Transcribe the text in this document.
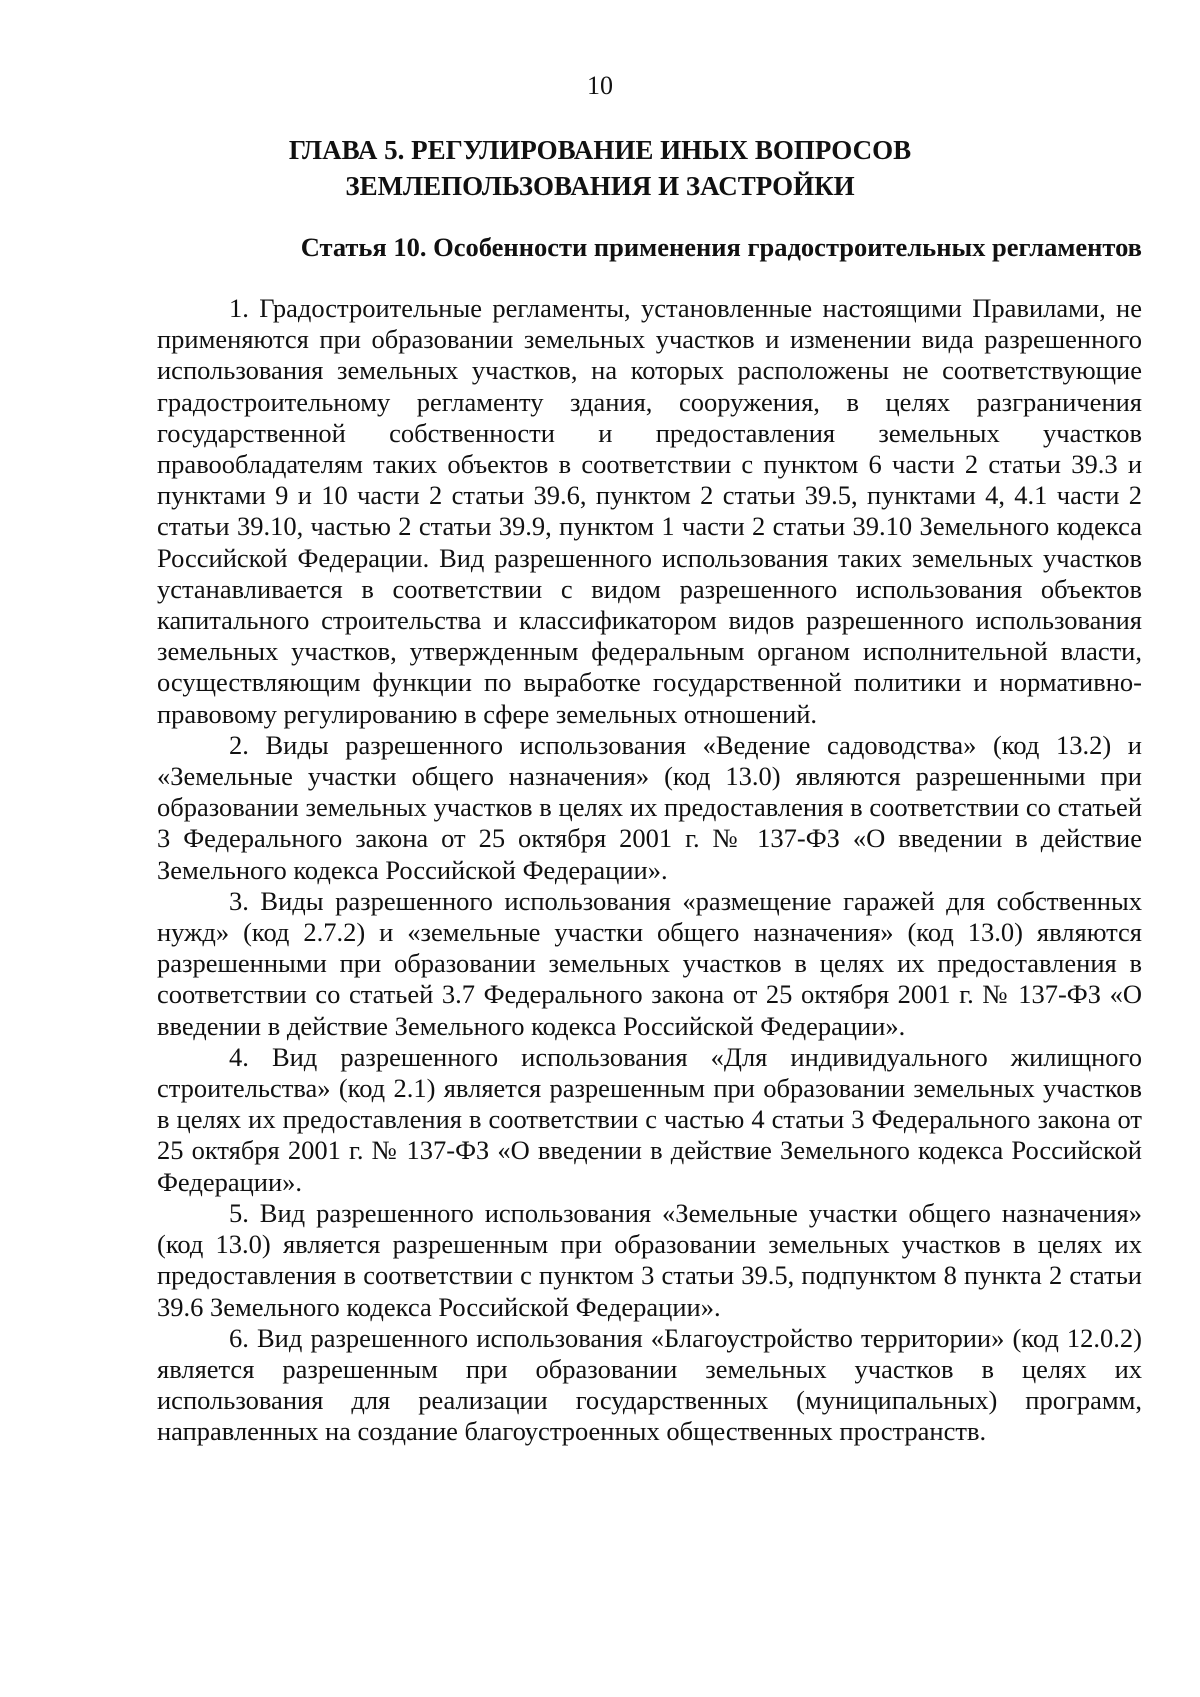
10
ГЛАВА 5. РЕГУЛИРОВАНИЕ ИНЫХ ВОПРОСОВ
ЗЕМЛЕПОЛЬЗОВАНИЯ И ЗАСТРОЙКИ
Статья 10. Особенности применения градостроительных регламентов

1. Градостроительные регламенты, установленные настоящими Правилами, не применяются при образовании земельных участков и изменении вида разрешенного использования земельных участков, на которых расположены не соответствующие градостроительному регламенту здания, сооружения, в целях разграничения государственной собственности и предоставления земельных участков правообладателям таких объектов в соответствии с пунктом 6 части 2 статьи 39.3 и пунктами 9 и 10 части 2 статьи 39.6, пунктом 2 статьи 39.5, пунктами 4, 4.1 части 2 статьи 39.10, частью 2 статьи 39.9, пунктом 1 части 2 статьи 39.10 Земельного кодекса Российской Федерации. Вид разрешенного использования таких земельных участков устанавливается в соответствии с видом разрешенного использования объектов капитального строительства и классификатором видов разрешенного использования земельных участков, утвержденным федеральным органом исполнительной власти, осуществляющим функции по выработке государственной политики и нормативно-правовому регулированию в сфере земельных отношений.

2. Виды разрешенного использования «Ведение садоводства» (код 13.2) и «Земельные участки общего назначения» (код 13.0) являются разрешенными при образовании земельных участков в целях их предоставления в соответствии со статьей 3 Федерального закона от 25 октября 2001 г. № 137-ФЗ «О введении в действие Земельного кодекса Российской Федерации».

3. Виды разрешенного использования «размещение гаражей для собственных нужд» (код 2.7.2) и «земельные участки общего назначения» (код 13.0) являются разрешенными при образовании земельных участков в целях их предоставления в соответствии со статьей 3.7 Федерального закона от 25 октября 2001 г. № 137-ФЗ «О введении в действие Земельного кодекса Российской Федерации».

4. Вид разрешенного использования «Для индивидуального жилищного строительства» (код 2.1) является разрешенным при образовании земельных участков в целях их предоставления в соответствии с частью 4 статьи 3 Федерального закона от 25 октября 2001 г. № 137-ФЗ «О введении в действие Земельного кодекса Российской Федерации».

5. Вид разрешенного использования «Земельные участки общего назначения» (код 13.0) является разрешенным при образовании земельных участков в целях их предоставления в соответствии с пунктом 3 статьи 39.5, подпунктом 8 пункта 2 статьи 39.6 Земельного кодекса Российской Федерации».

6. Вид разрешенного использования «Благоустройство территории» (код 12.0.2) является разрешенным при образовании земельных участков в целях их использования для реализации государственных (муниципальных) программ, направленных на создание благоустроенных общественных пространств.
